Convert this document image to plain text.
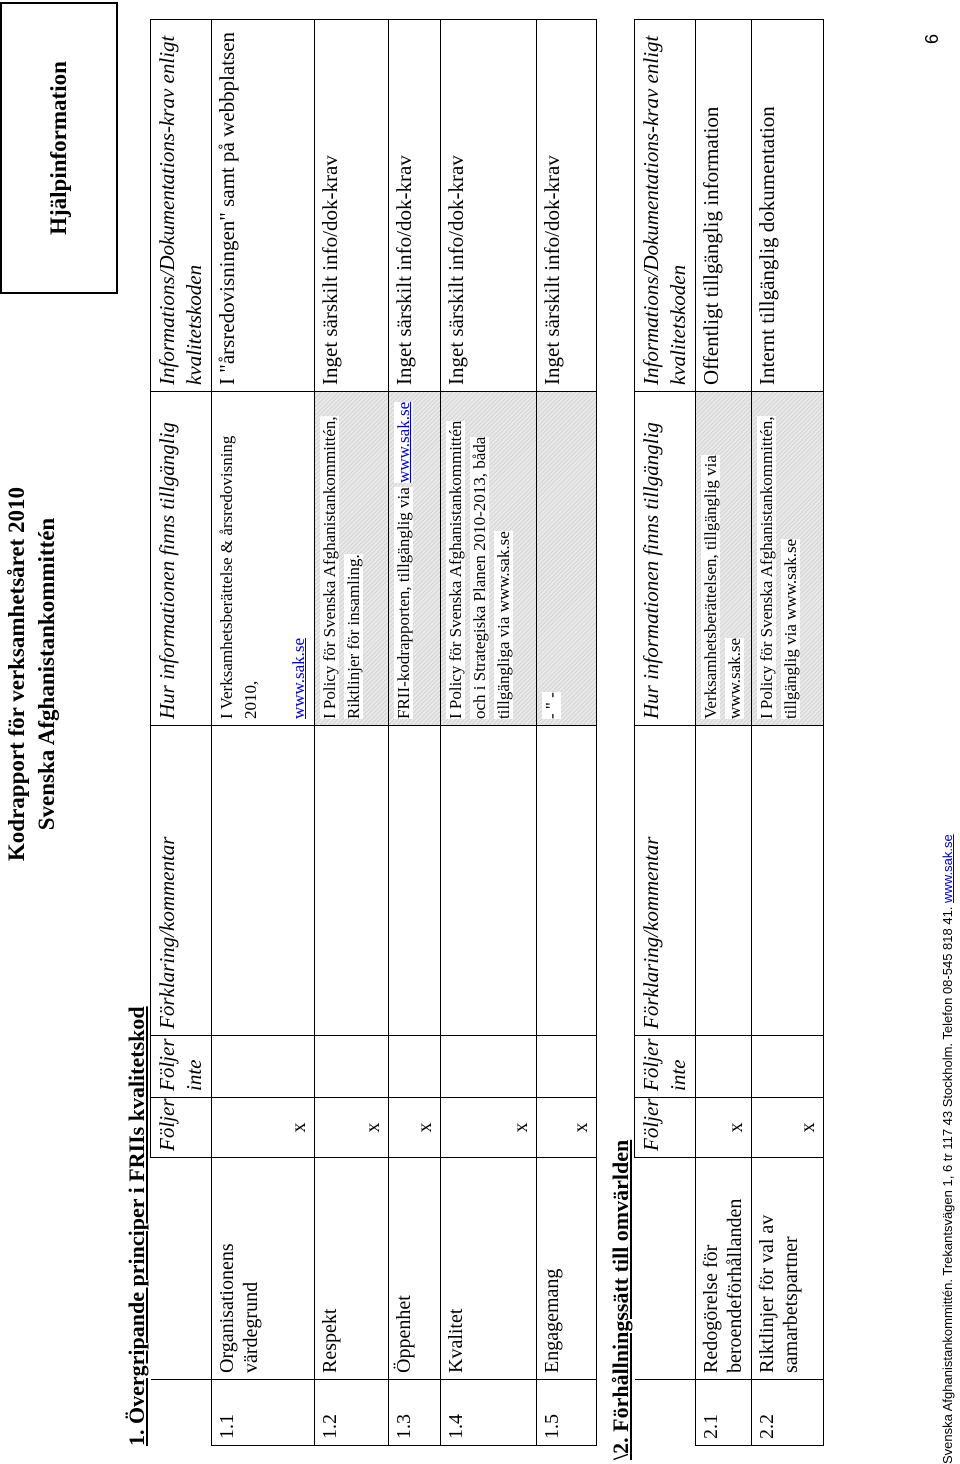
Kodrapport för verksamhetsåret 2010 Svenska Afghanistankommittén
Hjälpinformation
1. Övergripande principer i FRIIs kvalitetskod
		Följer	Följer inte	Förklaring/kommentar	Hur informationen finns tillgänglig	Informations/Dokumentations-krav enligt kvalitetskoden
1.1	Organisationens värdegrund	x			I Verksamhetsberättelse & årsredovisning 2010, www.sak.se	I "årsredovisningen" samt på webbplatsen
1.2	Respekt	x			I Policy för Svenska Afghanistankommittén, Riktlinjer för insamling.	Inget särskilt info/dok-krav
1.3	Öppenhet	x			FRII-kodrapporten, tillgänglig via www.sak.se	Inget särskilt info/dok-krav
1.4	Kvalitet	x			I Policy för Svenska Afghanistankommittén och i Strategiska Planen 2010-2013, båda tillgängliga via www.sak.se	Inget särskilt info/dok-krav
1.5	Engagemang	x			- " -	Inget särskilt info/dok-krav
\2. Förhållningssätt till omvärlden
		Följer	Följer inte	Förklaring/kommentar	Hur informationen finns tillgänglig	Informations/Dokumentations-krav enligt kvalitetskoden
2.1	Redogörelse för beroendeförhållanden	x			Verksamhetsberättelsen, tillgänglig via www.sak.se	Offentligt tillgänglig information
2.2	Riktlinjer för val av samarbetspartner	x			I Policy för Svenska Afghanistankommittén, tillgänglig via www.sak.se	Internt tillgänglig dokumentation
Svenska Afghanistankommittén. Trekantsvägen 1, 6 tr 117 43 Stockholm. Telefon 08-545 818 41. www.sak.se
6
